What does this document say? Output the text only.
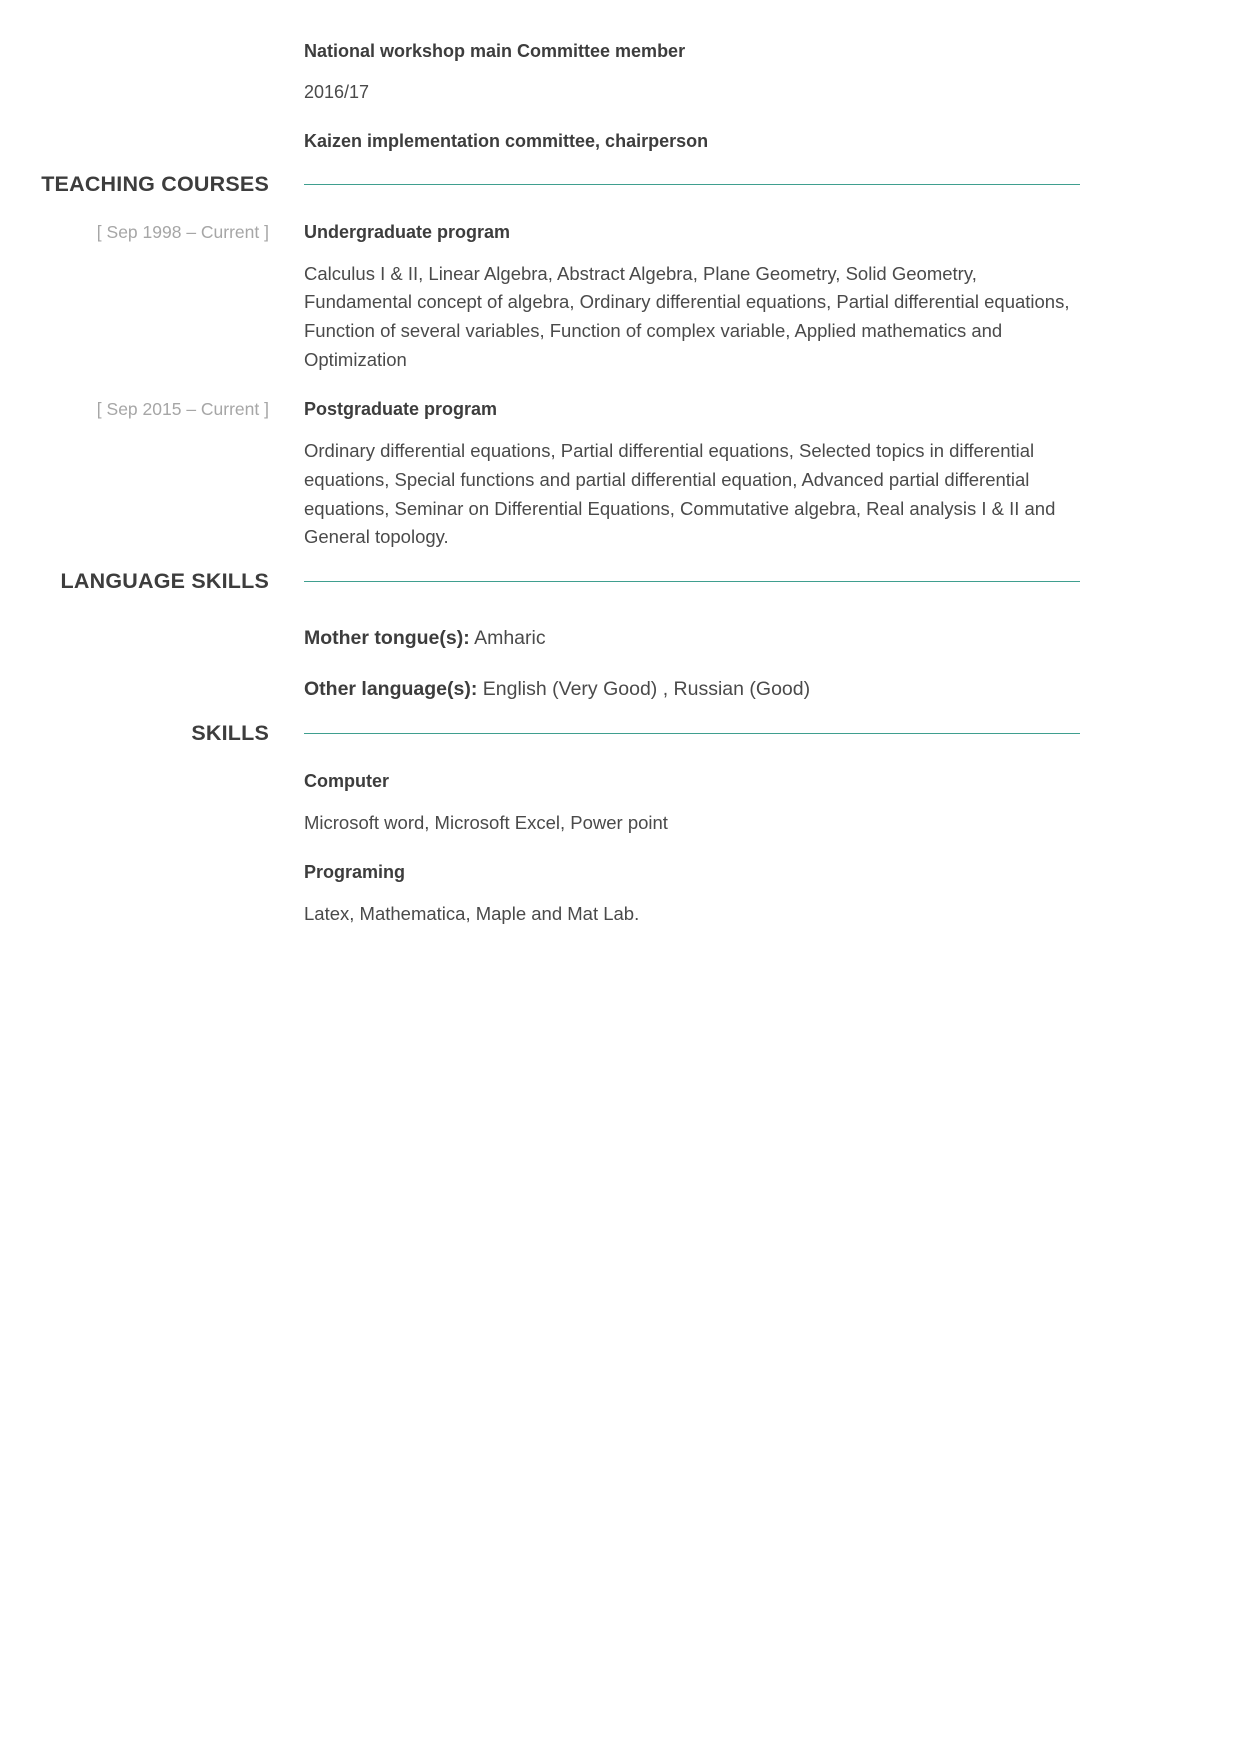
National workshop main Committee member
2016/17
Kaizen implementation committee, chairperson
TEACHING COURSES
[ Sep 1998 – Current ] Undergraduate program
Calculus I & II, Linear Algebra, Abstract Algebra, Plane Geometry, Solid Geometry, Fundamental concept of algebra, Ordinary differential equations, Partial differential equations, Function of several variables, Function of complex variable, Applied mathematics and Optimization
[ Sep 2015 – Current ] Postgraduate program
Ordinary differential equations, Partial differential equations, Selected topics in differential equations, Special functions and partial differential equation, Advanced partial differential equations, Seminar on Differential Equations, Commutative algebra, Real analysis I & II and General topology.
LANGUAGE SKILLS
Mother tongue(s): Amharic
Other language(s): English (Very Good) , Russian (Good)
SKILLS
Computer
Microsoft word, Microsoft Excel, Power point
Programing
Latex, Mathematica, Maple and Mat Lab.
